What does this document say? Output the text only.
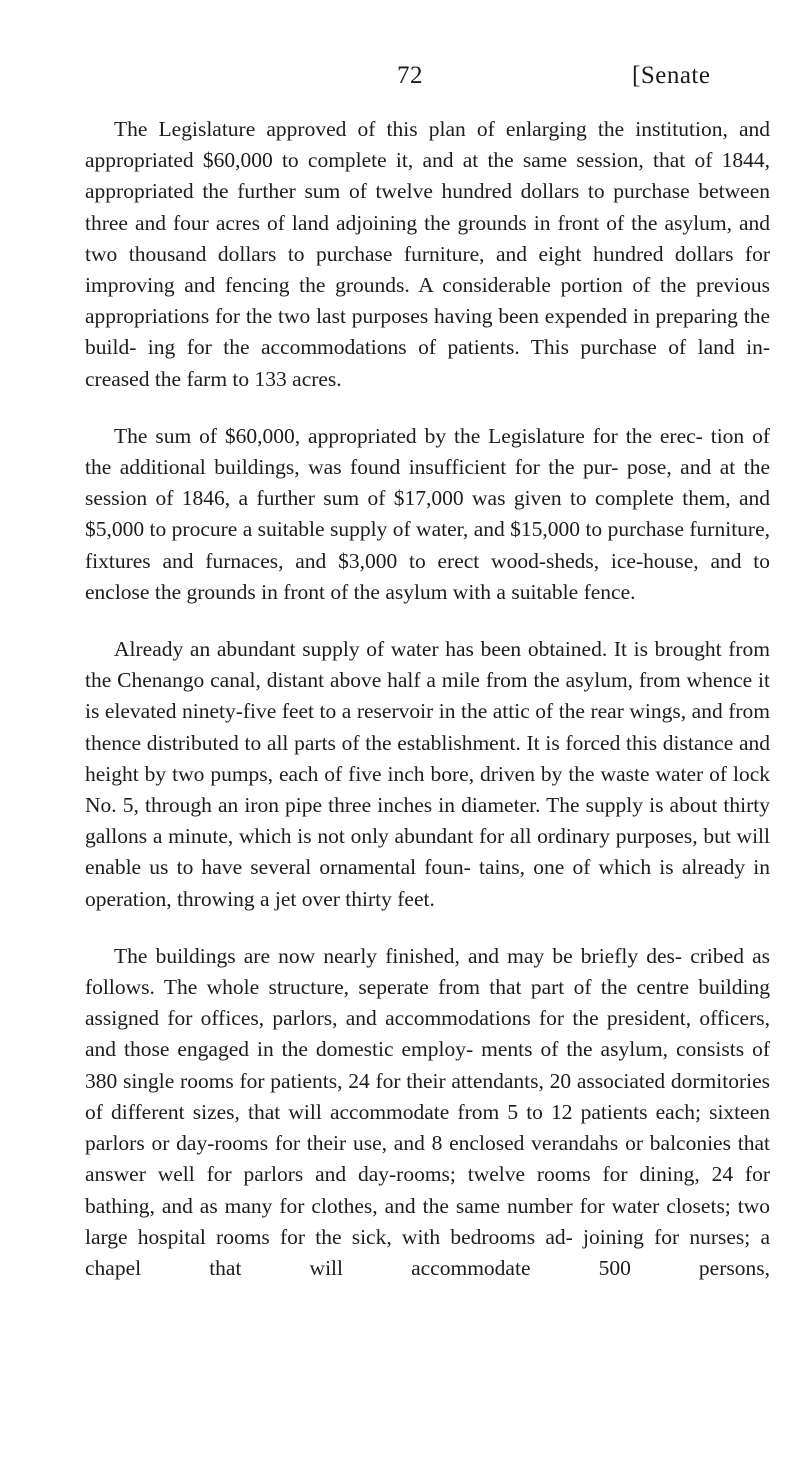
72	[Senate

The Legislature approved of this plan of enlarging the institution, and appropriated $60,000 to complete it, and at the same session, that of 1844, appropriated the further sum of twelve hundred dollars to purchase between three and four acres of land adjoining the grounds in front of the asylum, and two thousand dollars to purchase furniture, and eight hundred dollars for improving and fencing the grounds. A considerable portion of the previous appropriations for the two last purposes having been expended in preparing the build- ing for the accommodations of patients. This purchase of land in- creased the farm to 133 acres.

The sum of $60,000, appropriated by the Legislature for the erec- tion of the additional buildings, was found insufficient for the pur- pose, and at the session of 1846, a further sum of $17,000 was given to complete them, and $5,000 to procure a suitable supply of water, and $15,000 to purchase furniture, fixtures and furnaces, and $3,000 to erect wood-sheds, ice-house, and to enclose the grounds in front of the asylum with a suitable fence.

Already an abundant supply of water has been obtained. It is brought from the Chenango canal, distant above half a mile from the asylum, from whence it is elevated ninety-five feet to a reservoir in the attic of the rear wings, and from thence distributed to all parts of the establishment. It is forced this distance and height by two pumps, each of five inch bore, driven by the waste water of lock No. 5, through an iron pipe three inches in diameter. The supply is about thirty gallons a minute, which is not only abundant for all ordinary purposes, but will enable us to have several ornamental foun- tains, one of which is already in operation, throwing a jet over thirty feet.

The buildings are now nearly finished, and may be briefly des- cribed as follows. The whole structure, seperate from that part of the centre building assigned for offices, parlors, and accommodations for the president, officers, and those engaged in the domestic employ- ments of the asylum, consists of 380 single rooms for patients, 24 for their attendants, 20 associated dormitories of different sizes, that will accommodate from 5 to 12 patients each; sixteen parlors or day-rooms for their use, and 8 enclosed verandahs or balconies that answer well for parlors and day-rooms; twelve rooms for dining, 24 for bathing, and as many for clothes, and the same number for water closets; two large hospital rooms for the sick, with bedrooms ad- joining for nurses; a chapel that will accommodate 500 persons,
